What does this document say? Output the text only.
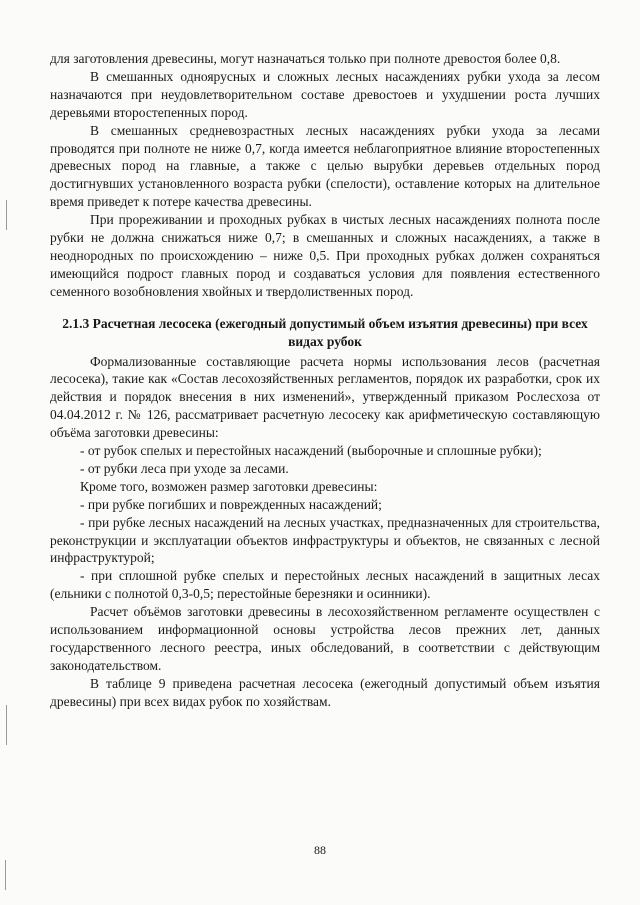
для заготовления древесины, могут назначаться только при полноте древостоя более 0,8.

В смешанных одноярусных и сложных лесных насаждениях рубки ухода за лесом назначаются при неудовлетворительном составе древостоев и ухудшении роста лучших деревьями второстепенных пород.

В смешанных средневозрастных лесных насаждениях рубки ухода за лесами проводятся при полноте не ниже 0,7, когда имеется неблагоприятное влияние второстепенных древесных пород на главные, а также с целью вырубки деревьев отдельных пород достигнувших установленного возраста рубки (спелости), оставление которых на длительное время приведет к потере качества древесины.

При прореживании и проходных рубках в чистых лесных насаждениях полнота после рубки не должна снижаться ниже 0,7; в смешанных и сложных насаждениях, а также в неоднородных по происхождению – ниже 0,5. При проходных рубках должен сохраняться имеющийся подрост главных пород и создаваться условия для появления естественного семенного возобновления хвойных и твердолиственных пород.

2.1.3 Расчетная лесосека (ежегодный допустимый объем изъятия древесины) при всех видах рубок

Формализованные составляющие расчета нормы использования лесов (расчетная лесосека), такие как «Состав лесохозяйственных регламентов, порядок их разработки, срок их действия и порядок внесения в них изменений», утвержденный приказом Рослесхоза от 04.04.2012 г. № 126, рассматривает расчетную лесосеку как арифметическую составляющую объёма заготовки древесины:

- от рубок спелых и перестойных насаждений (выборочные и сплошные рубки);

- от рубки леса при уходе за лесами.

Кроме того, возможен размер заготовки древесины:

- при рубке погибших и поврежденных насаждений;

- при рубке лесных насаждений на лесных участках, предназначенных для строительства, реконструкции и эксплуатации объектов инфраструктуры и объектов, не связанных с лесной инфраструктурой;

- при сплошной рубке спелых и перестойных лесных насаждений в защитных лесах (ельники с полнотой 0,3-0,5; перестойные березняки и осинники).

Расчет объёмов заготовки древесины в лесохозяйственном регламенте осуществлен с использованием информационной основы устройства лесов прежних лет, данных государственного лесного реестра, иных обследований, в соответствии с действующим законодательством.

В таблице 9 приведена расчетная лесосека (ежегодный допустимый объем изъятия древесины) при всех видах рубок по хозяйствам.

88
